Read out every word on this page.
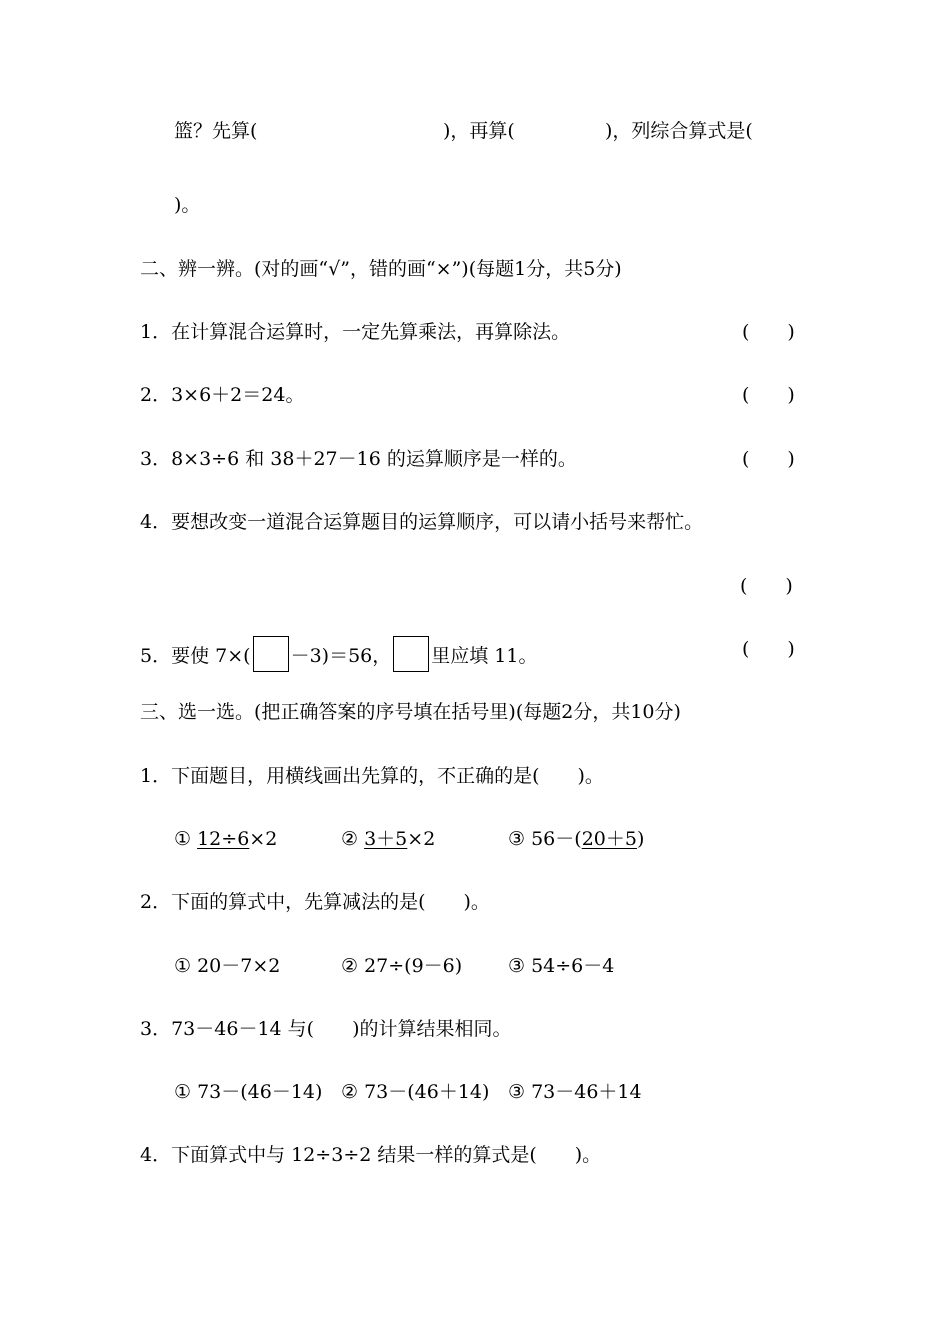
篮？先算(	)，再算(	)，列综合算式是(
)。
二、辨一辨。(对的画“√”，错的画“×”)(每题1分，共5分)
1．在计算混合运算时，一定先算乘法，再算除法。	(　　)
2．3×6＋2＝24。	(　　)
3．8×3÷6 和 38＋27－16 的运算顺序是一样的。	(　　)
4．要想改变一道混合运算题目的运算顺序，可以请小括号来帮忙。
(　　)
5．要使 7×( －3)＝56， 里应填 11。	(　　)
三、选一选。(把正确答案的序号填在括号里)(每题2分，共10分)
1．下面题目，用横线画出先算的，不正确的是(　　)。
① 12÷6×2	② 3＋5×2	③ 56－(20＋5)
2．下面的算式中，先算减法的是(　　)。
① 20－7×2	② 27÷(9－6) ③ 54÷6－4
3．73－46－14 与(　　)的计算结果相同。
① 73－(46－14) ② 73－(46＋14) ③ 73－46＋14
4．下面算式中与 12÷3÷2 结果一样的算式是(　　)。
